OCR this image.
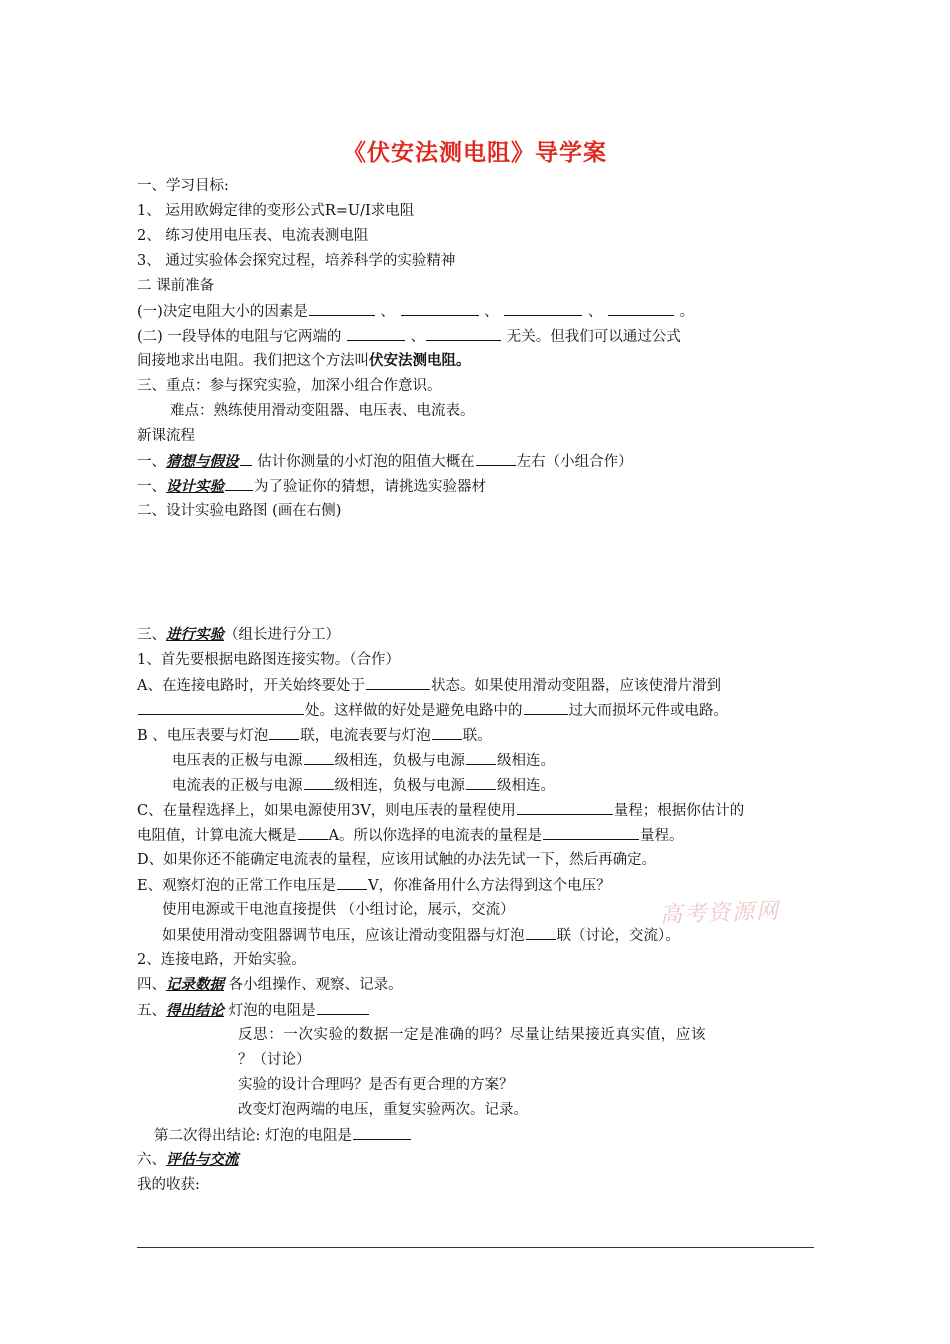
《伏安法测电阻》导学案
一、学习目标:
1、 运用欧姆定律的变形公式R=U/I求电阻
2、 练习使用电压表、电流表测电阻
3、 通过实验体会探究过程，培养科学的实验精神
二 课前准备
(一)决定电阻大小的因素是	、	、	、	。
(二) 一段导体的电阻与它两端的	、	无关。但我们可以通过公式
间接地求出电阻。我们把这个方法叫伏安法测电阻。
三、重点：参与探究实验，加深小组合作意识。
难点：熟练使用滑动变阻器、电压表、电流表。
新课流程
一、猜想与假设 估计你测量的小灯泡的阻值大概在	左右（小组合作）
一、设计实验 为了验证你的猜想，请挑选实验器材
二、设计实验电路图 (画在右侧)
三、进行实验（组长进行分工）
1、首先要根据电路图连接实物。（合作）
A、在连接电路时，开关始终要处于	状态。如果使用滑动变阻器，应该使滑片滑到
处。这样做的好处是避免电路中的	过大而损坏元件或电路。
B 、电压表要与灯泡 联，电流表要与灯泡 联。
电压表的正极与电源 级相连，负极与电源 级相连。
电流表的正极与电源 级相连，负极与电源 级相连。
C、在量程选择上，如果电源使用3V，则电压表的量程使用	量程；根据你估计的
电阻值，计算电流大概是 A。所以你选择的电流表的量程是	量程。
D、如果你还不能确定电流表的量程，应该用试触的办法先试一下，然后再确定。
E、观察灯泡的正常工作电压是 V，你准备用什么方法得到这个电压？
使用电源或干电池直接提供 （小组讨论，展示，交流）
如果使用滑动变阻器调节电压，应该让滑动变阻器与灯泡 联（讨论，交流）。
2、连接电路，开始实验。
四、记录数据 各小组操作、观察、记录。
五、得出结论 灯泡的电阻是
反思：一次实验的数据一定是准确的吗？尽量让结果接近真实值，应该
？（讨论）
实验的设计合理吗？是否有更合理的方案？
改变灯泡两端的电压，重复实验两次。记录。
第二次得出结论: 灯泡的电阻是
六、评估与交流
我的收获:
高考资源网
